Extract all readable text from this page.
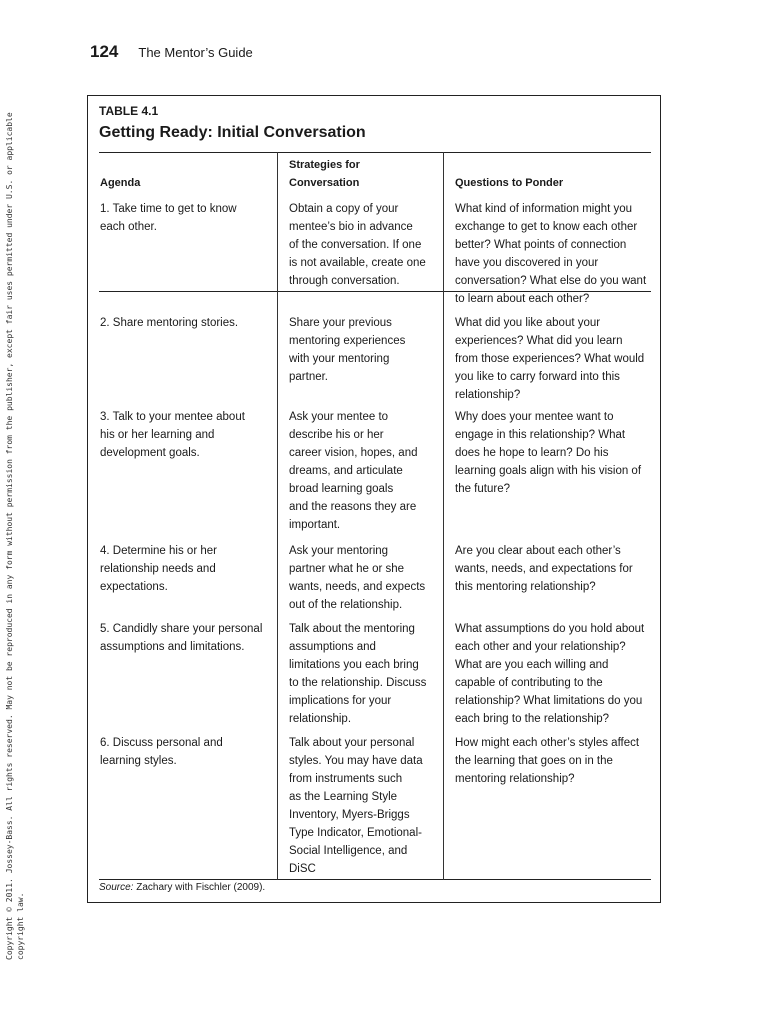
124 The Mentor’s Guide
Copyright © 2011. Jossey-Bass. All rights reserved. May not be reproduced in any form without permission from the publisher, except fair uses permitted under U.S. or applicable copyright law.
TABLE 4.1
Getting Ready: Initial Conversation
Agenda
Strategies for
Conversation	Questions to Ponder
1. Take time to get to know
each other.
Obtain a copy of your
mentee’s bio in advance
of the conversation. If one
is not available, create one
through conversation.
What kind of information might you
exchange to get to know each other
better? What points of connection
have you discovered in your
conversation? What else do you want
to learn about each other?
2. Share mentoring stories.	Share your previous
mentoring experiences
with your mentoring
partner.
What did you like about your
experiences? What did you learn
from those experiences? What would
you like to carry forward into this
relationship?
3. Talk to your mentee about
his or her learning and
development goals.
Ask your mentee to
describe his or her
career vision, hopes, and
dreams, and articulate
broad learning goals
and the reasons they are
important.
Why does your mentee want to
engage in this relationship? What
does he hope to learn? Do his
learning goals align with his vision of
the future?
4. Determine his or her
relationship needs and
expectations.
Ask your mentoring
partner what he or she
wants, needs, and expects
out of the relationship.
Are you clear about each other’s
wants, needs, and expectations for
this mentoring relationship?
5. Candidly share your personal
assumptions and limitations.
Talk about the mentoring
assumptions and
limitations you each bring
to the relationship. Discuss
implications for your
relationship.
What assumptions do you hold about
each other and your relationship?
What are you each willing and
capable of contributing to the
relationship? What limitations do you
each bring to the relationship?
6. Discuss personal and
learning styles.
Talk about your personal
styles. You may have data
from instruments such
as the Learning Style
Inventory, Myers-Briggs
Type Indicator, Emotional-
Social Intelligence, and
DiSC
How might each other’s styles affect
the learning that goes on in the
mentoring relationship?
Source: Zachary with Fischler (2009).
